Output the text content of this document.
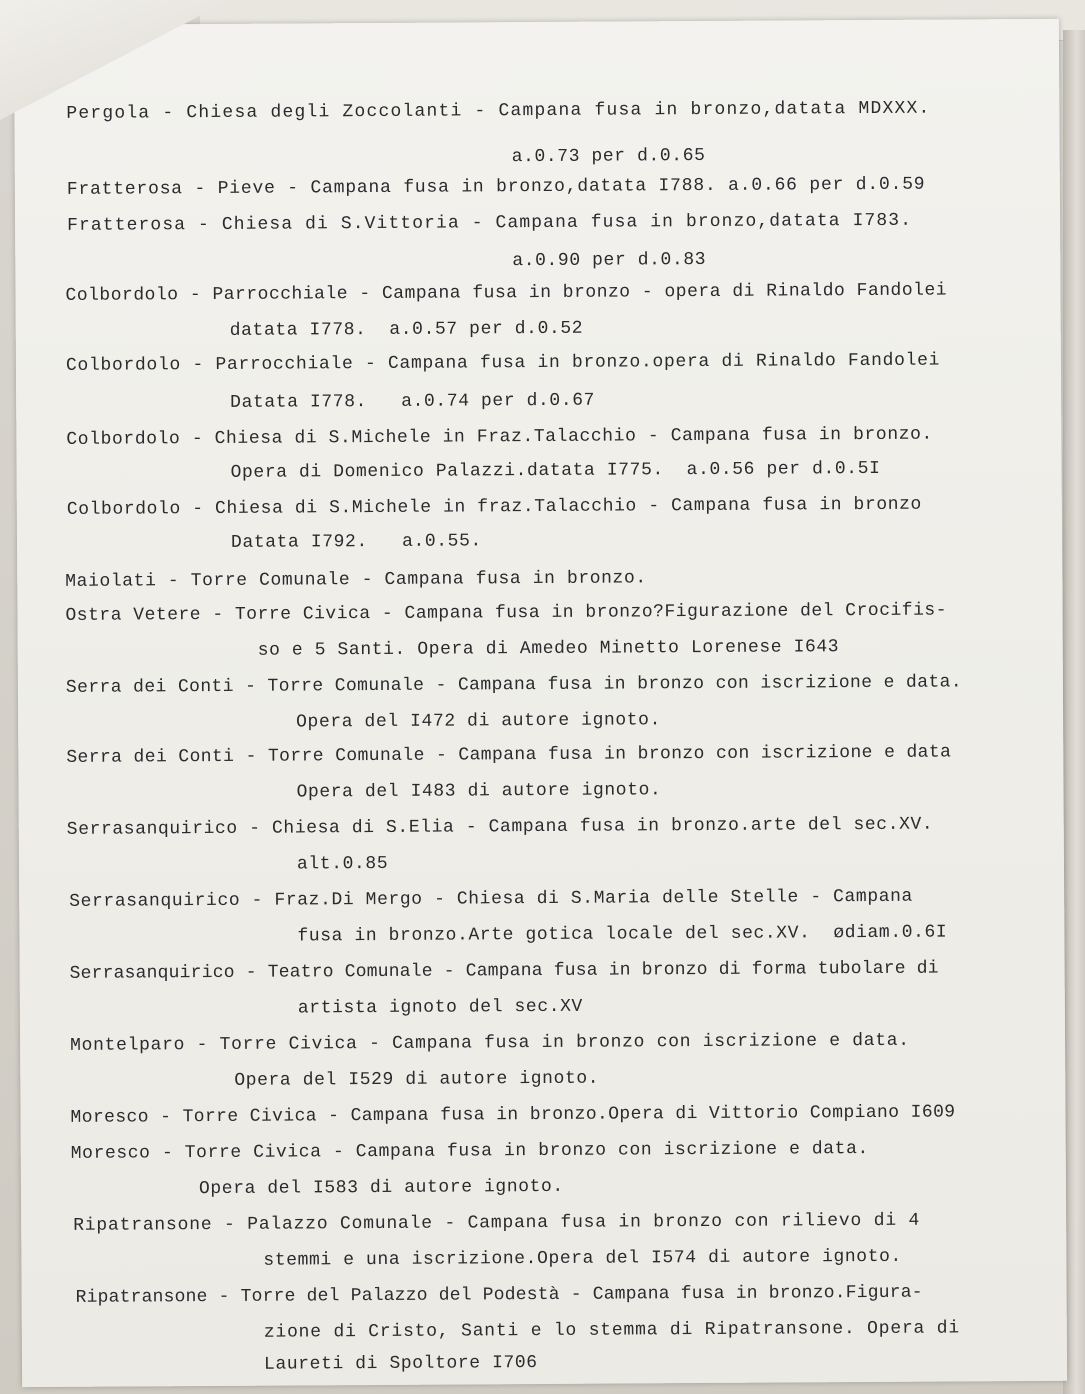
Pergola - Chiesa degli Zoccolanti - Campana fusa in bronzo,datata MDXXX.
a.0.73 per d.0.65
Fratterosa - Pieve - Campana fusa in bronzo,datata I788. a.0.66 per d.0.59
Fratterosa - Chiesa di S.Vittoria - Campana fusa in bronzo,datata I783.
a.0.90 per d.0.83
Colbordolo - Parrocchiale - Campana fusa in bronzo - opera di Rinaldo Fandolei
datata I778.  a.0.57 per d.0.52
Colbordolo - Parrocchiale - Campana fusa in bronzo.opera di Rinaldo Fandolei
Datata I778.   a.0.74 per d.0.67
Colbordolo - Chiesa di S.Michele in Fraz.Talacchio - Campana fusa in bronzo.
Opera di Domenico Palazzi.datata I775.  a.0.56 per d.0.5I
Colbordolo - Chiesa di S.Michele in fraz.Talacchio - Campana fusa in bronzo
Datata I792.   a.0.55.
Maiolati - Torre Comunale - Campana fusa in bronzo.
Ostra Vetere - Torre Civica - Campana fusa in bronzo?Figurazione del Crocifis-
so e 5 Santi. Opera di Amedeo Minetto Lorenese I643
Serra dei Conti - Torre Comunale - Campana fusa in bronzo con iscrizione e data.
Opera del I472 di autore ignoto.
Serra dei Conti - Torre Comunale - Campana fusa in bronzo con iscrizione e data
Opera del I483 di autore ignoto.
Serrasanquirico - Chiesa di S.Elia - Campana fusa in bronzo.arte del sec.XV.
alt.0.85
Serrasanquirico - Fraz.Di Mergo - Chiesa di S.Maria delle Stelle - Campana
fusa in bronzo.Arte gotica locale del sec.XV.  ødiam.0.6I
Serrasanquirico - Teatro Comunale - Campana fusa in bronzo di forma tubolare di
artista ignoto del sec.XV
Montelparo - Torre Civica - Campana fusa in bronzo con iscrizione e data.
Opera del I529 di autore ignoto.
Moresco - Torre Civica - Campana fusa in bronzo.Opera di Vittorio Compiano I609
Moresco - Torre Civica - Campana fusa in bronzo con iscrizione e data.
Opera del I583 di autore ignoto.
Ripatransone - Palazzo Comunale - Campana fusa in bronzo con rilievo di 4
stemmi e una iscrizione.Opera del I574 di autore ignoto.
Ripatransone - Torre del Palazzo del Podestà - Campana fusa in bronzo.Figura-
zione di Cristo, Santi e lo stemma di Ripatransone. Opera di
Laureti di Spoltore I706
